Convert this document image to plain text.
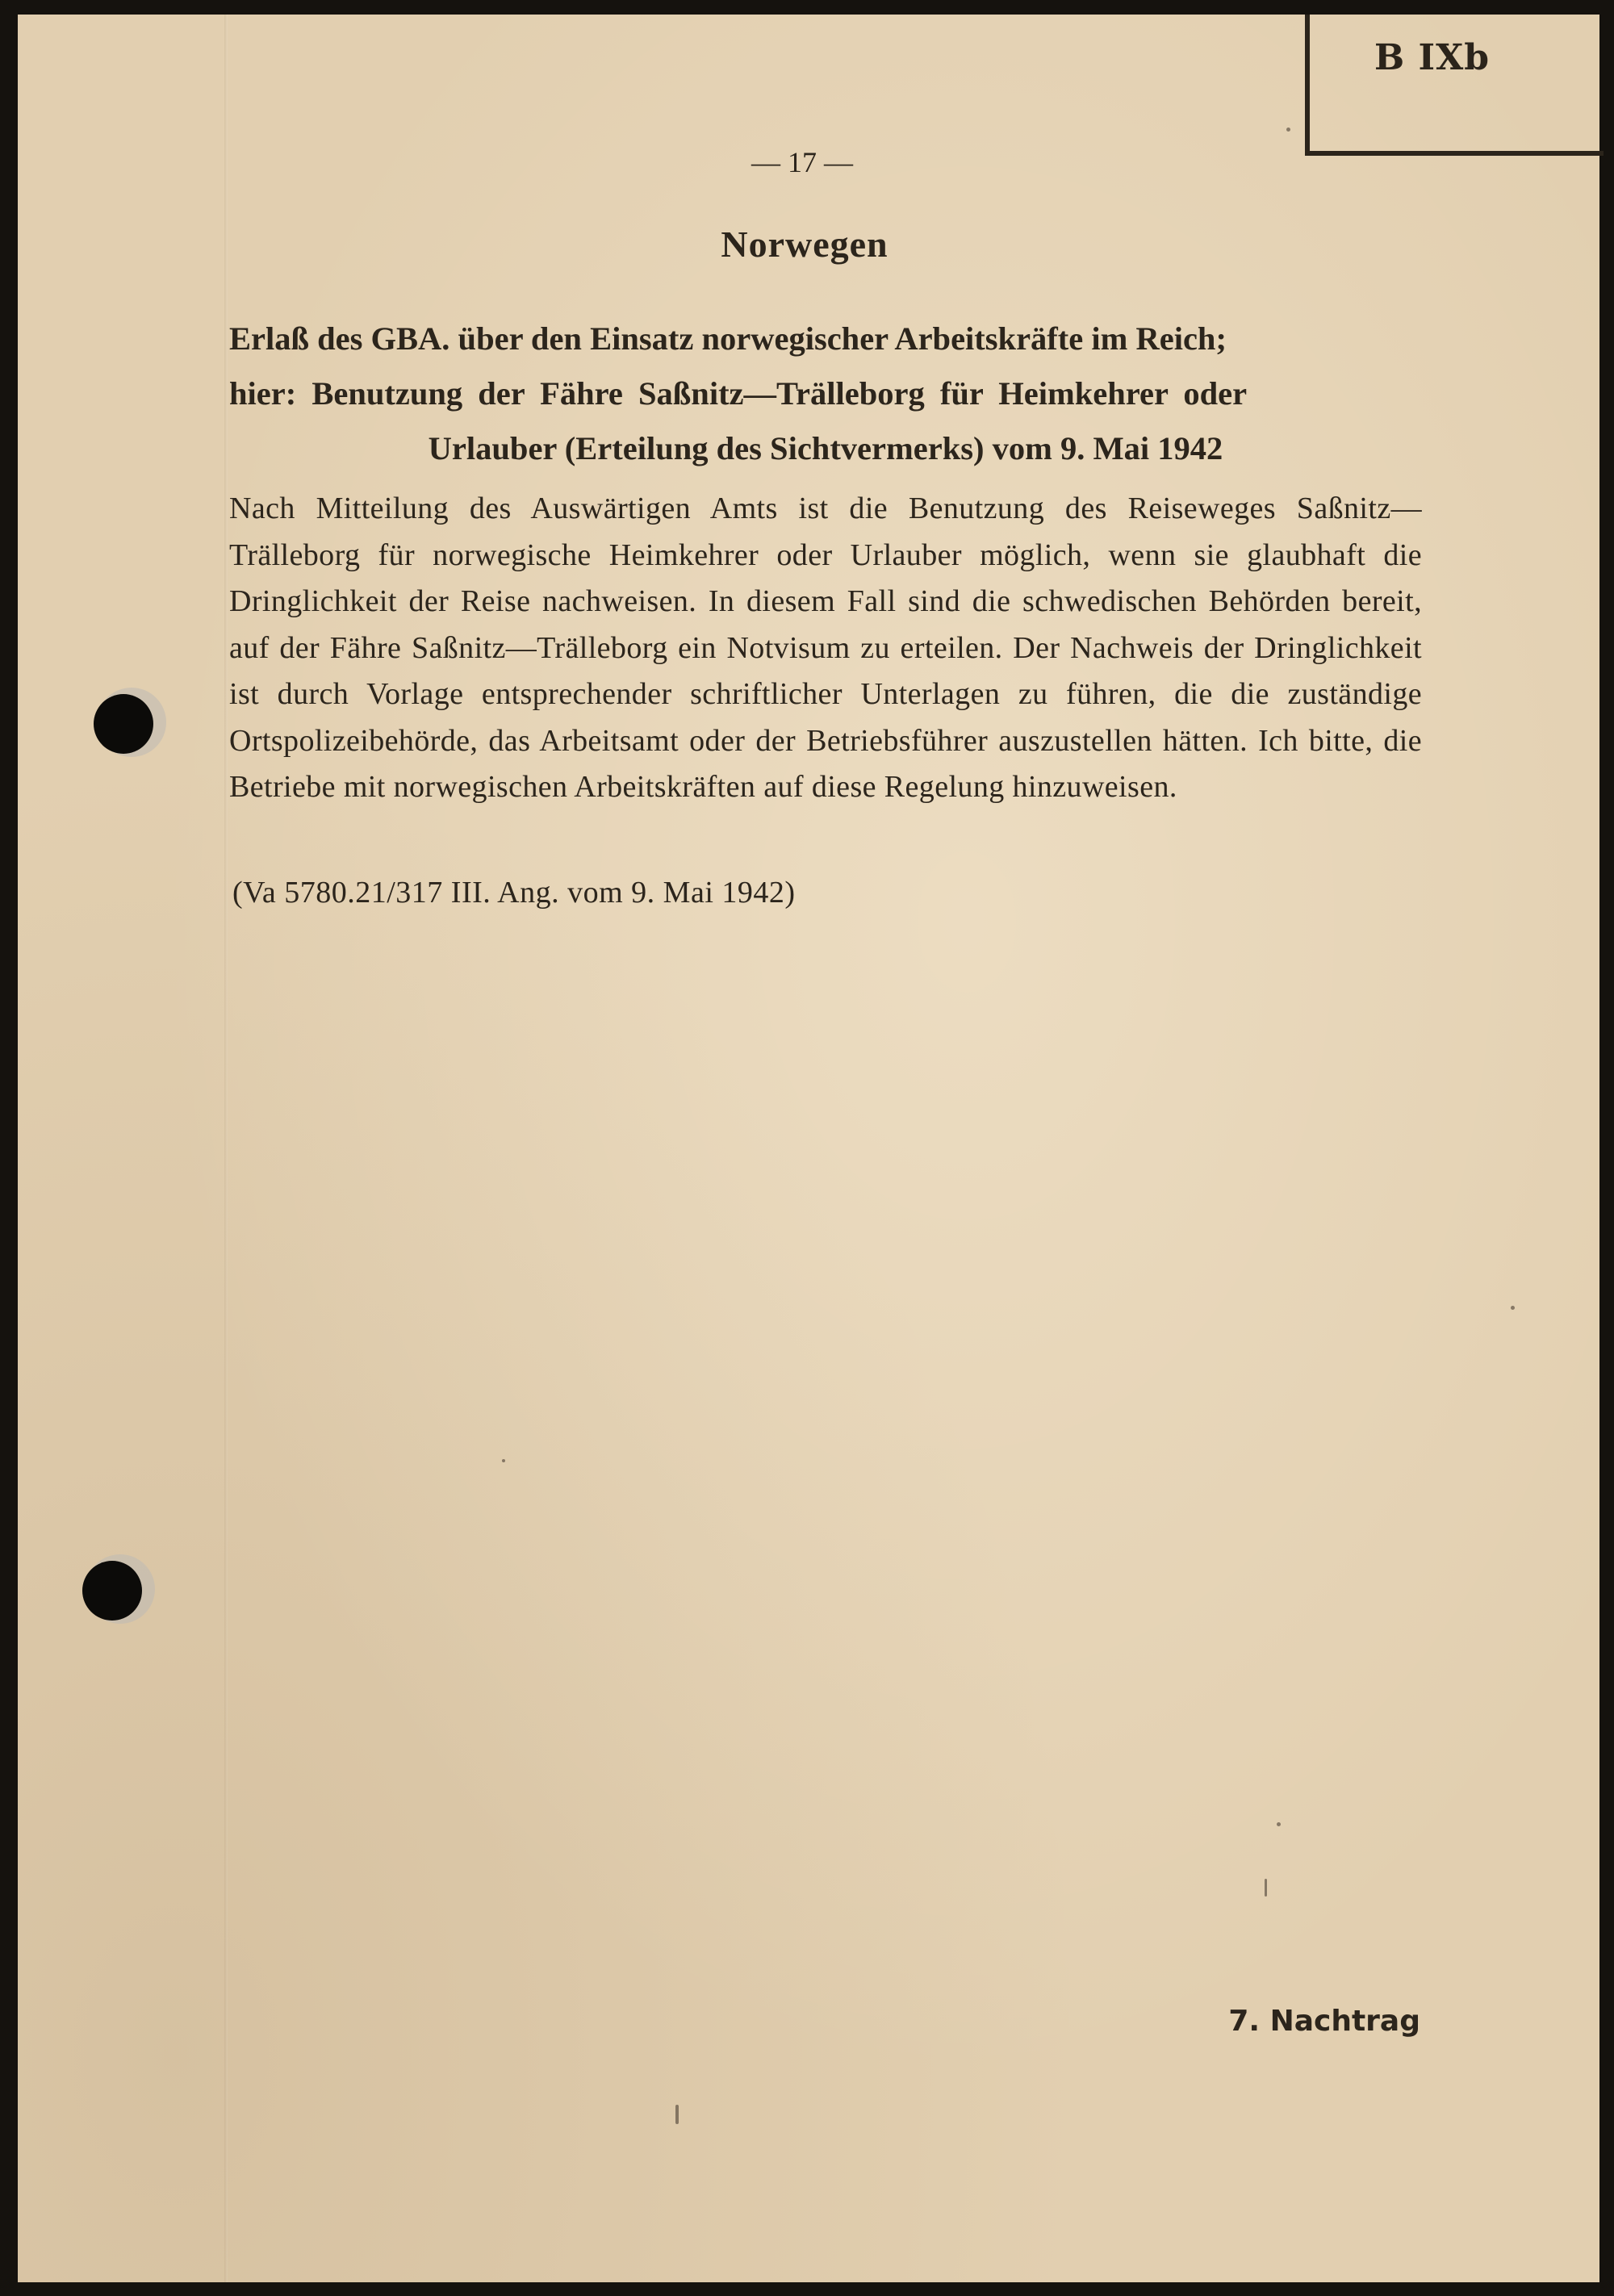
B IXb
— 17 —
Norwegen
Erlaß des GBA. über den Einsatz norwegischer Arbeitskräfte im Reich;
hier: Benutzung der Fähre Saßnitz—Trälleborg für Heimkehrer oder
Urlauber (Erteilung des Sichtvermerks) vom 9. Mai 1942
Nach Mitteilung des Auswärtigen Amts ist die Benutzung des Reiseweges Saßnitz—Trälleborg für norwegische Heimkehrer oder Urlauber möglich, wenn sie glaubhaft die Dringlichkeit der Reise nachweisen. In diesem Fall sind die schwedischen Behörden bereit, auf der Fähre Saßnitz—Trälleborg ein Notvisum zu erteilen. Der Nachweis der Dringlichkeit ist durch Vorlage entsprechender schriftlicher Unterlagen zu führen, die die zuständige Ortspolizeibehörde, das Arbeitsamt oder der Betriebsführer auszustellen hätten. Ich bitte, die Betriebe mit norwegischen Arbeitskräften auf diese Regelung hinzuweisen.
(Va 5780.21/317 III. Ang. vom 9. Mai 1942)
7. Nachtrag
